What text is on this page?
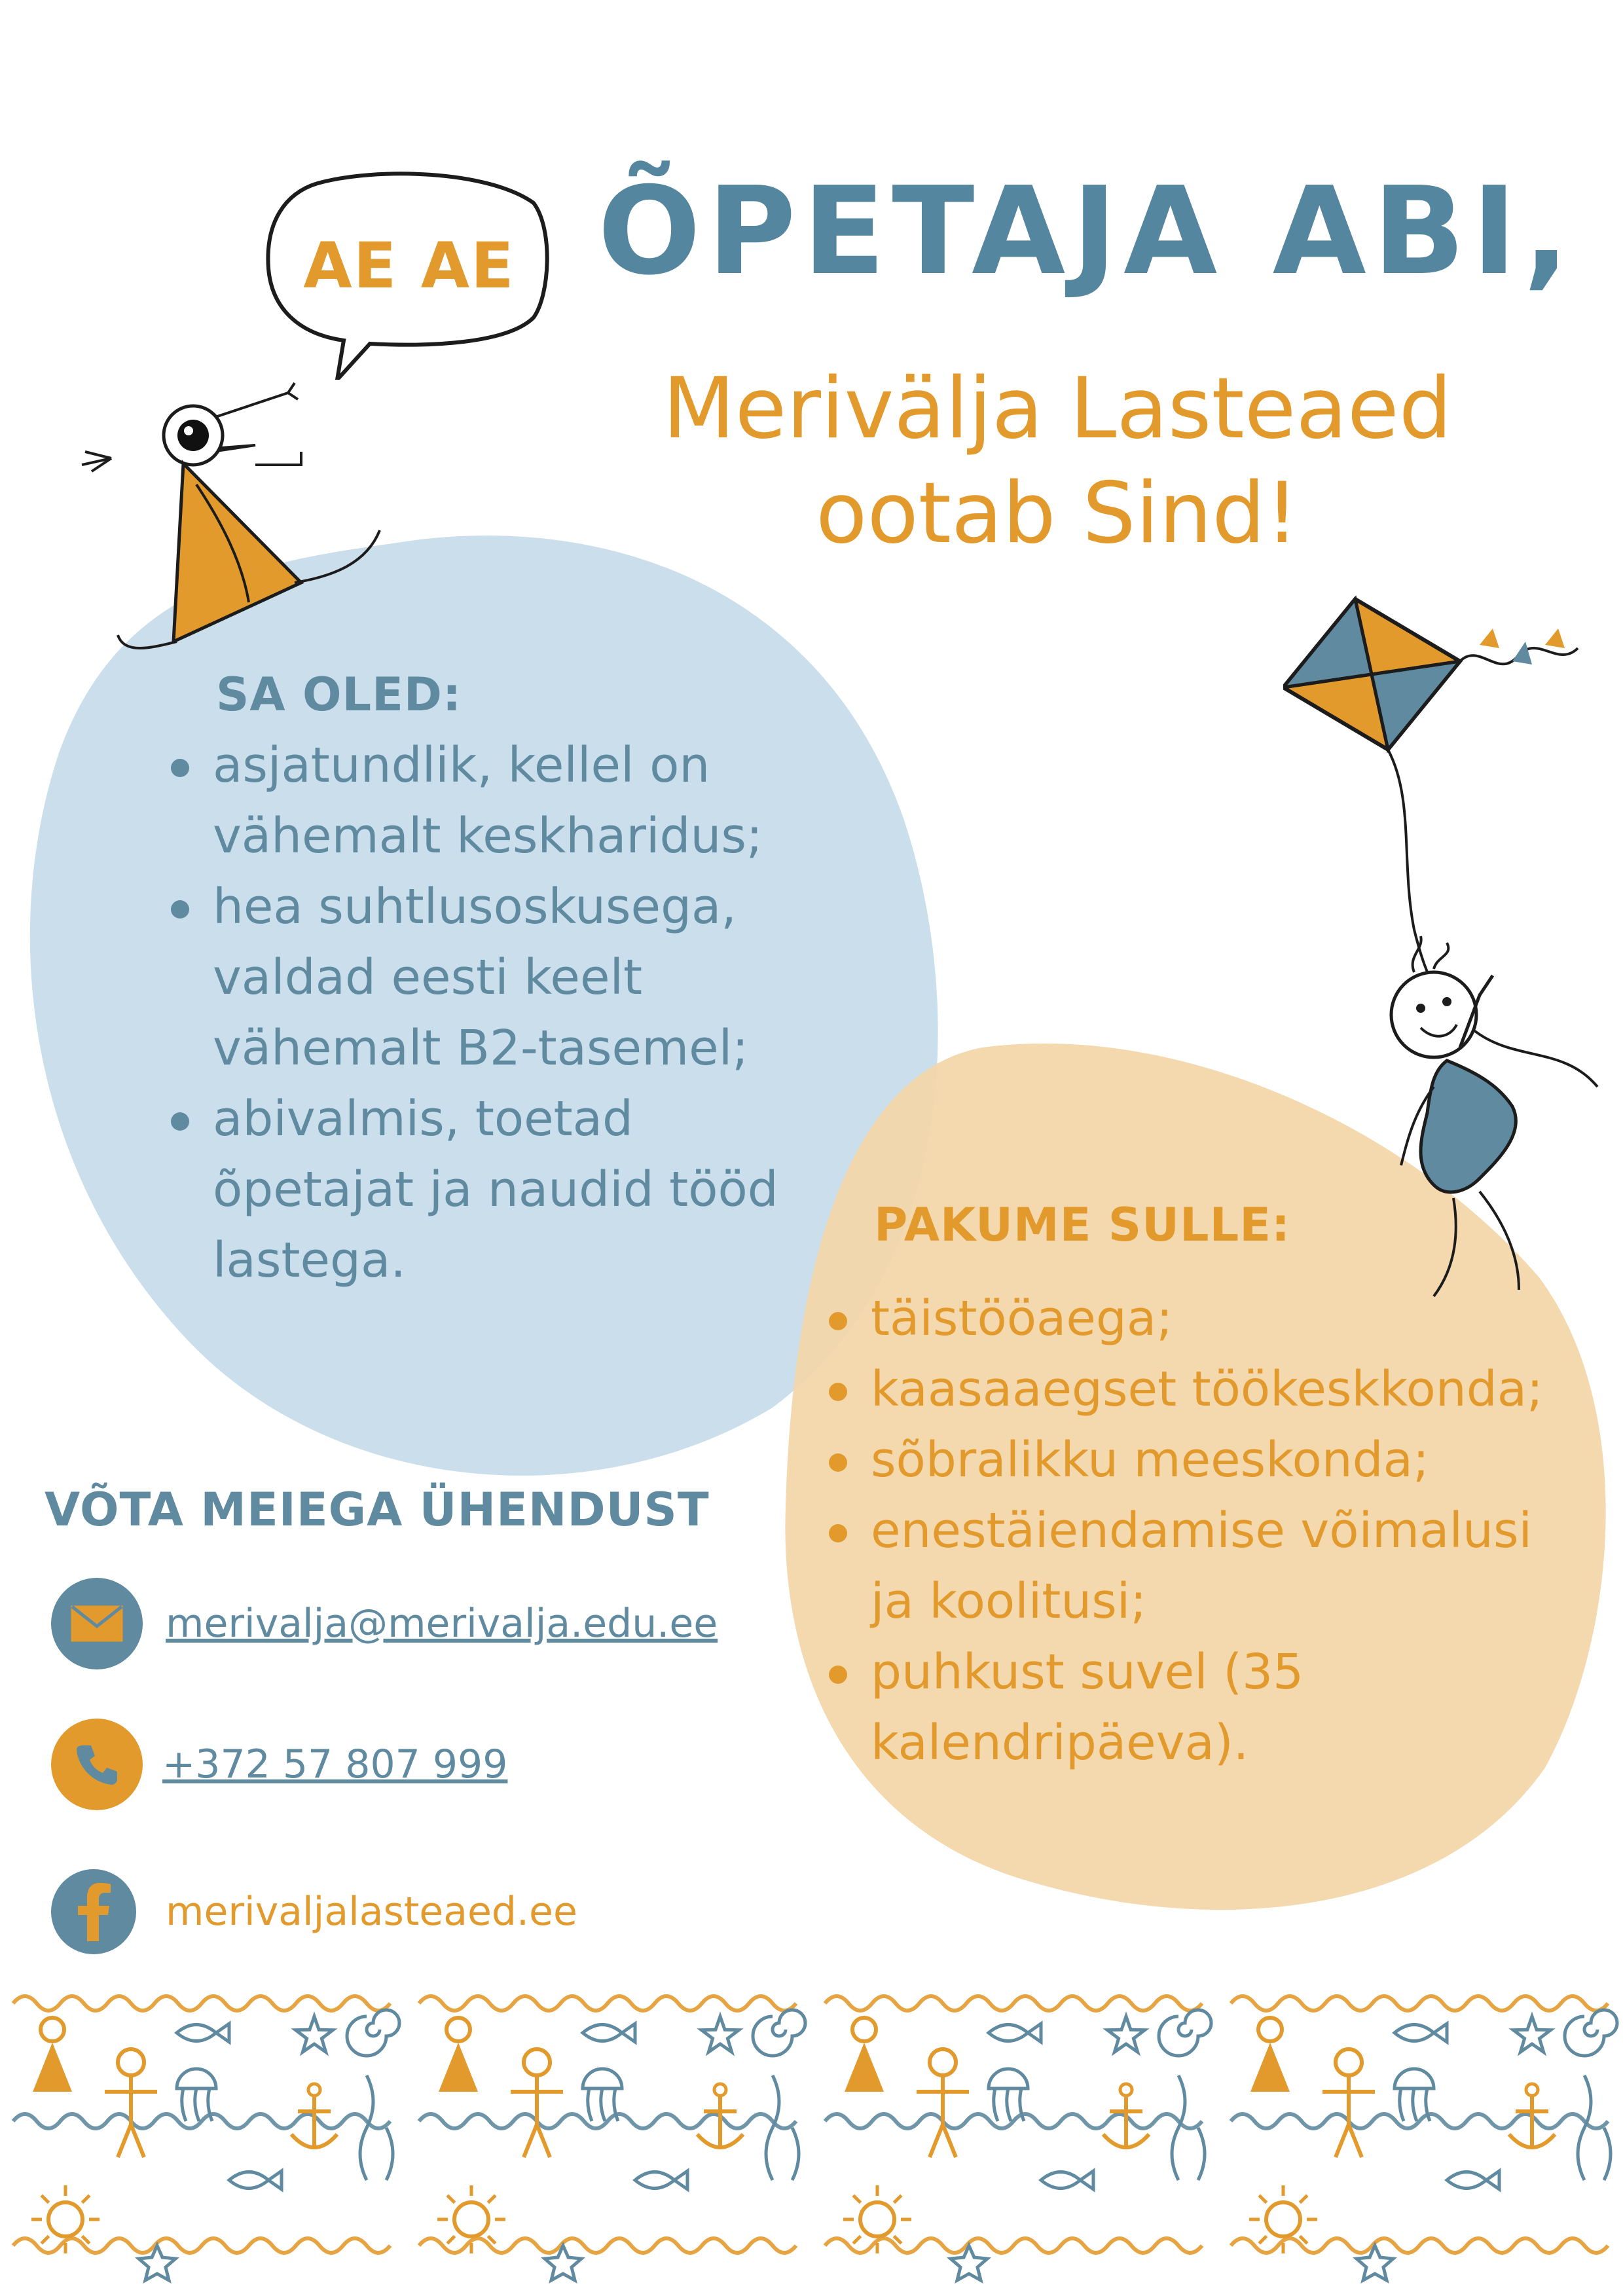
AE AE ÕPETAJA ABI,
Merivälja Lasteaed
ootab Sind!
SA OLED:
asjatundlik, kellel on
vähemalt keskharidus;
hea suhtlusoskusega,
valdad eesti keelt
vähemalt B2-tasemel;
abivalmis, toetad
õpetajat ja naudid tööd
lastega.
PAKUME SULLE:
täistööaega;
kaasaaegset töökeskkonda;
sõbralikku meeskonda;
enestäiendamise võimalusi
ja koolitusi;
puhkust suvel (35
kalendripäeva).
VÕTA MEIEGA ÜHENDUST
merivalja@merivalja.edu.ee
+372 57 807 999
merivaljalasteaed.ee
